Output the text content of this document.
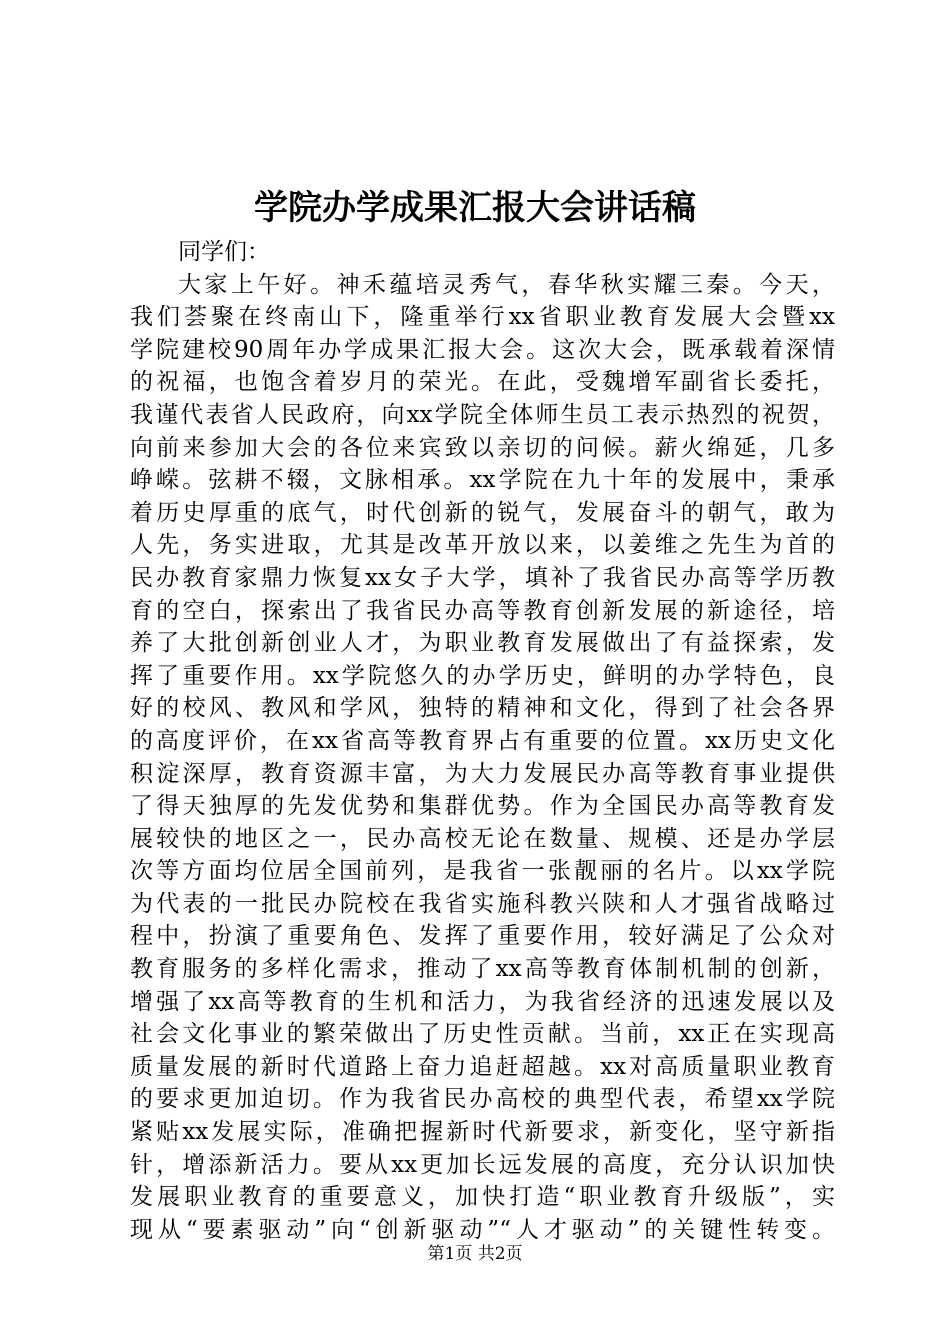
学院办学成果汇报大会讲话稿
同学们：
大家上午好。神禾蕴培灵秀气，春华秋实耀三秦。今天，
我们荟聚在终南山下，隆重举行xx省职业教育发展大会暨xx
学院建校90周年办学成果汇报大会。这次大会，既承载着深情
的祝福，也饱含着岁月的荣光。在此，受魏增军副省长委托，
我谨代表省人民政府，向xx学院全体师生员工表示热烈的祝贺，
向前来参加大会的各位来宾致以亲切的问候。薪火绵延，几多
峥嵘。弦耕不辍，文脉相承。xx学院在九十年的发展中，秉承
着历史厚重的底气，时代创新的锐气，发展奋斗的朝气，敢为
人先，务实进取，尤其是改革开放以来，以姜维之先生为首的
民办教育家鼎力恢复xx女子大学，填补了我省民办高等学历教
育的空白，探索出了我省民办高等教育创新发展的新途径，培
养了大批创新创业人才，为职业教育发展做出了有益探索，发
挥了重要作用。xx学院悠久的办学历史，鲜明的办学特色，良
好的校风、教风和学风，独特的精神和文化，得到了社会各界
的高度评价，在xx省高等教育界占有重要的位置。xx历史文化
积淀深厚，教育资源丰富，为大力发展民办高等教育事业提供
了得天独厚的先发优势和集群优势。作为全国民办高等教育发
展较快的地区之一，民办高校无论在数量、规模、还是办学层
次等方面均位居全国前列，是我省一张靓丽的名片。以xx学院
为代表的一批民办院校在我省实施科教兴陕和人才强省战略过
程中，扮演了重要角色、发挥了重要作用，较好满足了公众对
教育服务的多样化需求，推动了xx高等教育体制机制的创新，
增强了xx高等教育的生机和活力，为我省经济的迅速发展以及
社会文化事业的繁荣做出了历史性贡献。当前，xx正在实现高
质量发展的新时代道路上奋力追赶超越。xx对高质量职业教育
的要求更加迫切。作为我省民办高校的典型代表，希望xx学院
紧贴xx发展实际，准确把握新时代新要求，新变化，坚守新指
针，增添新活力。要从xx更加长远发展的高度，充分认识加快
发展职业教育的重要意义，加快打造“职业教育升级版”，实
现从“要素驱动”向“创新驱动”“人才驱动”的关键性转变。

第1页 共2页
